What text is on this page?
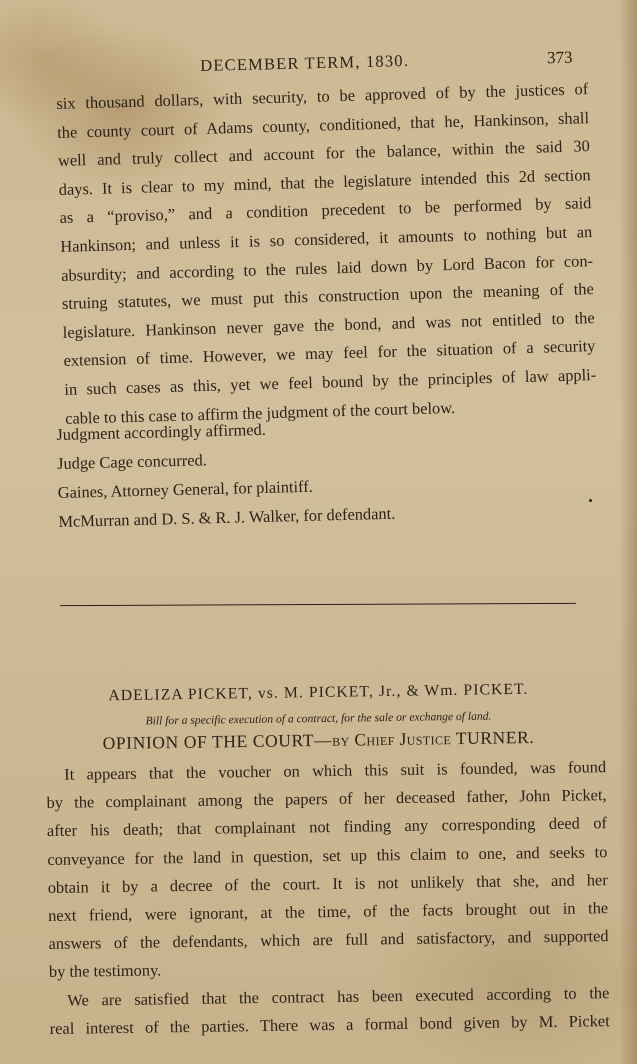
DECEMBER TERM, 1830.	373
six thousand dollars, with security, to be approved of by the justices of
the county court of Adams county, conditioned, that he, Hankinson, shall
well and truly collect and account for the balance, within the said 30
days. It is clear to my mind, that the legislature intended this 2d section
as a “proviso,” and a condition precedent to be performed by said
Hankinson; and unless it is so considered, it amounts to nothing but an
absurdity; and according to the rules laid down by Lord Bacon for con-
struing statutes, we must put this construction upon the meaning of the
legislature. Hankinson never gave the bond, and was not entitled to the
extension of time. However, we may feel for the situation of a security
in such cases as this, yet we feel bound by the principles of law appli-
cable to this case to affirm the judgment of the court below.
Judgment accordingly affirmed.
Judge Cage concurred.
Gaines, Attorney General, for plaintiff.
McMurran and D. S. & R. J. Walker, for defendant.
ADELIZA PICKET, vs. M. PICKET, Jr., & Wm. PICKET.
Bill for a specific execution of a contract, for the sale or exchange of land.
OPINION OF THE COURT—by Chief Justice TURNER.
It appears that the voucher on which this suit is founded, was found
by the complainant among the papers of her deceased father, John Picket,
after his death; that complainant not finding any corresponding deed of
conveyance for the land in question, set up this claim to one, and seeks to
obtain it by a decree of the court. It is not unlikely that she, and her
next friend, were ignorant, at the time, of the facts brought out in the
answers of the defendants, which are full and satisfactory, and supported
by the testimony.
We are satisfied that the contract has been executed according to the
real interest of the parties. There was a formal bond given by M. Picket
